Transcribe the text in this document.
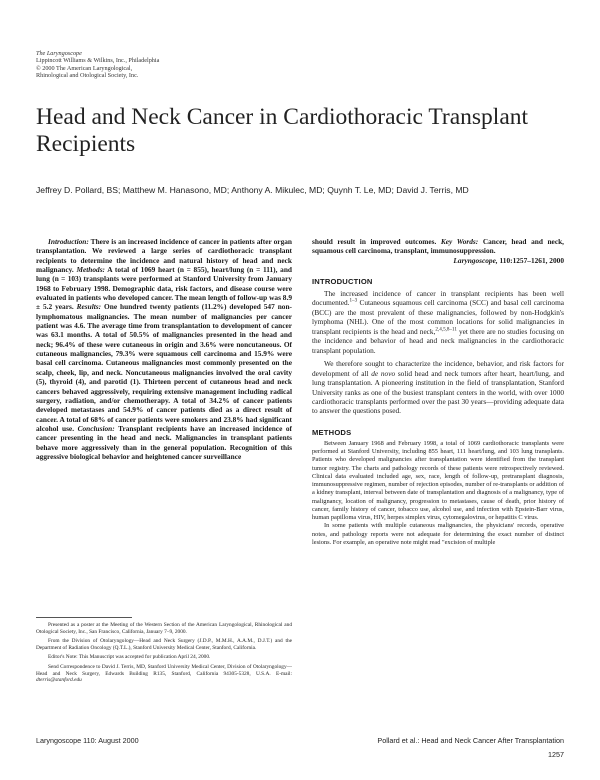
The Laryngoscope
Lippincott Williams & Wilkins, Inc., Philadelphia
© 2000 The American Laryngological,
Rhinological and Otological Society, Inc.
Head and Neck Cancer in Cardiothoracic Transplant Recipients
Jeffrey D. Pollard, BS; Matthew M. Hanasono, MD; Anthony A. Mikulec, MD; Quynh T. Le, MD; David J. Terris, MD

Introduction: There is an increased incidence of cancer in patients after organ transplantation. We reviewed a large series of cardiothoracic transplant recipients to determine the incidence and natural history of head and neck malignancy. Methods: A total of 1069 heart (n = 855), heart/lung (n = 111), and lung (n = 103) transplants were performed at Stanford University from January 1968 to February 1998. Demographic data, risk factors, and disease course were evaluated in patients who developed cancer. The mean length of follow-up was 8.9 ± 5.2 years. Results: One hundred twenty patients (11.2%) developed 547 non-lymphomatous malignancies. The mean number of malignancies per cancer patient was 4.6. The average time from transplantation to development of cancer was 63.1 months. A total of 50.5% of malignancies presented in the head and neck; 96.4% of these were cutaneous in origin and 3.6% were noncutaneous. Of cutaneous malignancies, 79.3% were squamous cell carcinoma and 15.9% were basal cell carcinoma. Cutaneous malignancies most commonly presented on the scalp, cheek, lip, and neck. Noncutaneous malignancies involved the oral cavity (5), thyroid (4), and parotid (1). Thirteen percent of cutaneous head and neck cancers behaved aggressively, requiring extensive management including radical surgery, radiation, and/or chemotherapy. A total of 34.2% of cancer patients developed metastases and 54.9% of cancer patients died as a direct result of cancer. A total of 68% of cancer patients were smokers and 23.8% had significant alcohol use. Conclusion: Transplant recipients have an increased incidence of cancer presenting in the head and neck. Malignancies in transplant patients behave more aggressively than in the general population. Recognition of this aggressive biological behavior and heightened cancer surveillance

Presented as a poster at the Meeting of the Western Section of the American Laryngological, Rhinological and Otological Society, Inc., San Francisco, California, January 7–9, 2000.

From the Division of Otolaryngology—Head and Neck Surgery (J.D.P., M.M.H., A.A.M., D.J.T.) and the Department of Radiation Oncology (Q.T.L.), Stanford University Medical Center, Stanford, California.

Editor's Note: This Manuscript was accepted for publication April 24, 2000.

Send Correspondence to David J. Terris, MD, Stanford University Medical Center, Division of Otolaryngology—Head and Neck Surgery, Edwards Building R135, Stanford, California 94305-5328, U.S.A. E-mail: dterris@stanford.edu

should result in improved outcomes. Key Words: Cancer, head and neck, squamous cell carcinoma, transplant, immunosuppression.

Laryngoscope, 110:1257–1261, 2000

INTRODUCTION

The increased incidence of cancer in transplant recipients has been well documented.$^{1-3}$ Cutaneous squamous cell carcinoma (SCC) and basal cell carcinoma (BCC) are the most prevalent of these malignancies, followed by non-Hodgkin's lymphoma (NHL). One of the most common locations for solid malignancies in transplant recipients is the head and neck,$^{2,4,5,8-11}$ yet there are no studies focusing on the incidence and behavior of head and neck malignancies in the cardiothoracic transplant population.

We therefore sought to characterize the incidence, behavior, and risk factors for development of all de novo solid head and neck tumors after heart, heart/lung, and lung transplantation. A pioneering institution in the field of transplantation, Stanford University ranks as one of the busiest transplant centers in the world, with over 1000 cardiothoracic transplants performed over the past 30 years—providing adequate data to answer the questions posed.

METHODS

Between January 1968 and February 1998, a total of 1069 cardiothoracic transplants were performed at Stanford University, including 855 heart, 111 heart/lung, and 103 lung transplants. Patients who developed malignancies after transplantation were identified from the transplant tumor registry. The charts and pathology records of these patients were retrospectively reviewed. Clinical data evaluated included age, sex, race, length of follow-up, pretransplant diagnosis, immunosuppressive regimen, number of rejection episodes, number of re-transplants or addition of a kidney transplant, interval between date of transplantation and diagnosis of a malignancy, type of malignancy, location of malignancy, progression to metastases, cause of death, prior history of cancer, family history of cancer, tobacco use, alcohol use, and infection with Epstein-Barr virus, human papilloma virus, HIV, herpes simplex virus, cytomegalovirus, or hepatitis C virus.

In some patients with multiple cutaneous malignancies, the physicians' records, operative notes, and pathology reports were not adequate for determining the exact number of distinct lesions. For example, an operative note might read "excision of multiple

Laryngoscope 110: August 2000	Pollard et al.: Head and Neck Cancer After Transplantation
1257
